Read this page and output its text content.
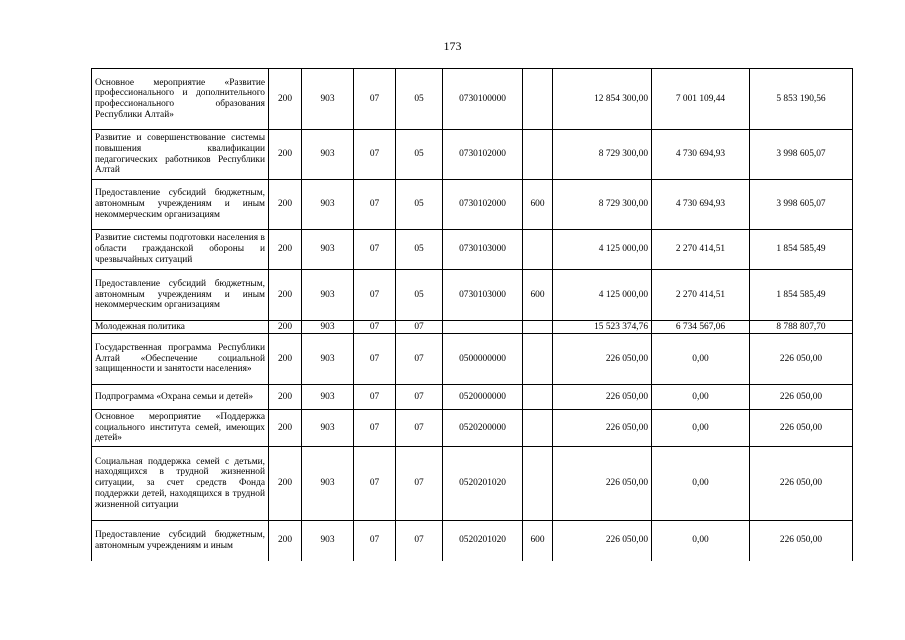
173
Основное мероприятие «Развитие профессионального и дополнительного профессионального образования Республики Алтай»	200	903	07	05	0730100000		12 854 300,00	7 001 109,44	5 853 190,56
Развитие и совершенствование системы повышения квалификации педагогических работников Республики Алтай	200	903	07	05	0730102000		8 729 300,00	4 730 694,93	3 998 605,07
Предоставление субсидий бюджетным, автономным учреждениям и иным некоммерческим организациям	200	903	07	05	0730102000	600	8 729 300,00	4 730 694,93	3 998 605,07
Развитие системы подготовки населения в области гражданской обороны и чрезвычайных ситуаций	200	903	07	05	0730103000		4 125 000,00	2 270 414,51	1 854 585,49
Предоставление субсидий бюджетным, автономным учреждениям и иным некоммерческим организациям	200	903	07	05	0730103000	600	4 125 000,00	2 270 414,51	1 854 585,49
Молодежная политика	200	903	07	07			15 523 374,76	6 734 567,06	8 788 807,70
Государственная программа Республики Алтай «Обеспечение социальной защищенности и занятости населения»	200	903	07	07	0500000000		226 050,00	0,00	226 050,00
Подпрограмма «Охрана семьи и детей»	200	903	07	07	0520000000		226 050,00	0,00	226 050,00
Основное мероприятие «Поддержка социального института семей, имеющих детей»	200	903	07	07	0520200000		226 050,00	0,00	226 050,00
Социальная поддержка семей с детьми, находящихся в трудной жизненной ситуации, за счет средств Фонда поддержки детей, находящихся в трудной жизненной ситуации	200	903	07	07	0520201020		226 050,00	0,00	226 050,00
Предоставление субсидий бюджетным, автономным учреждениям и иным	200	903	07	07	0520201020	600	226 050,00	0,00	226 050,00
